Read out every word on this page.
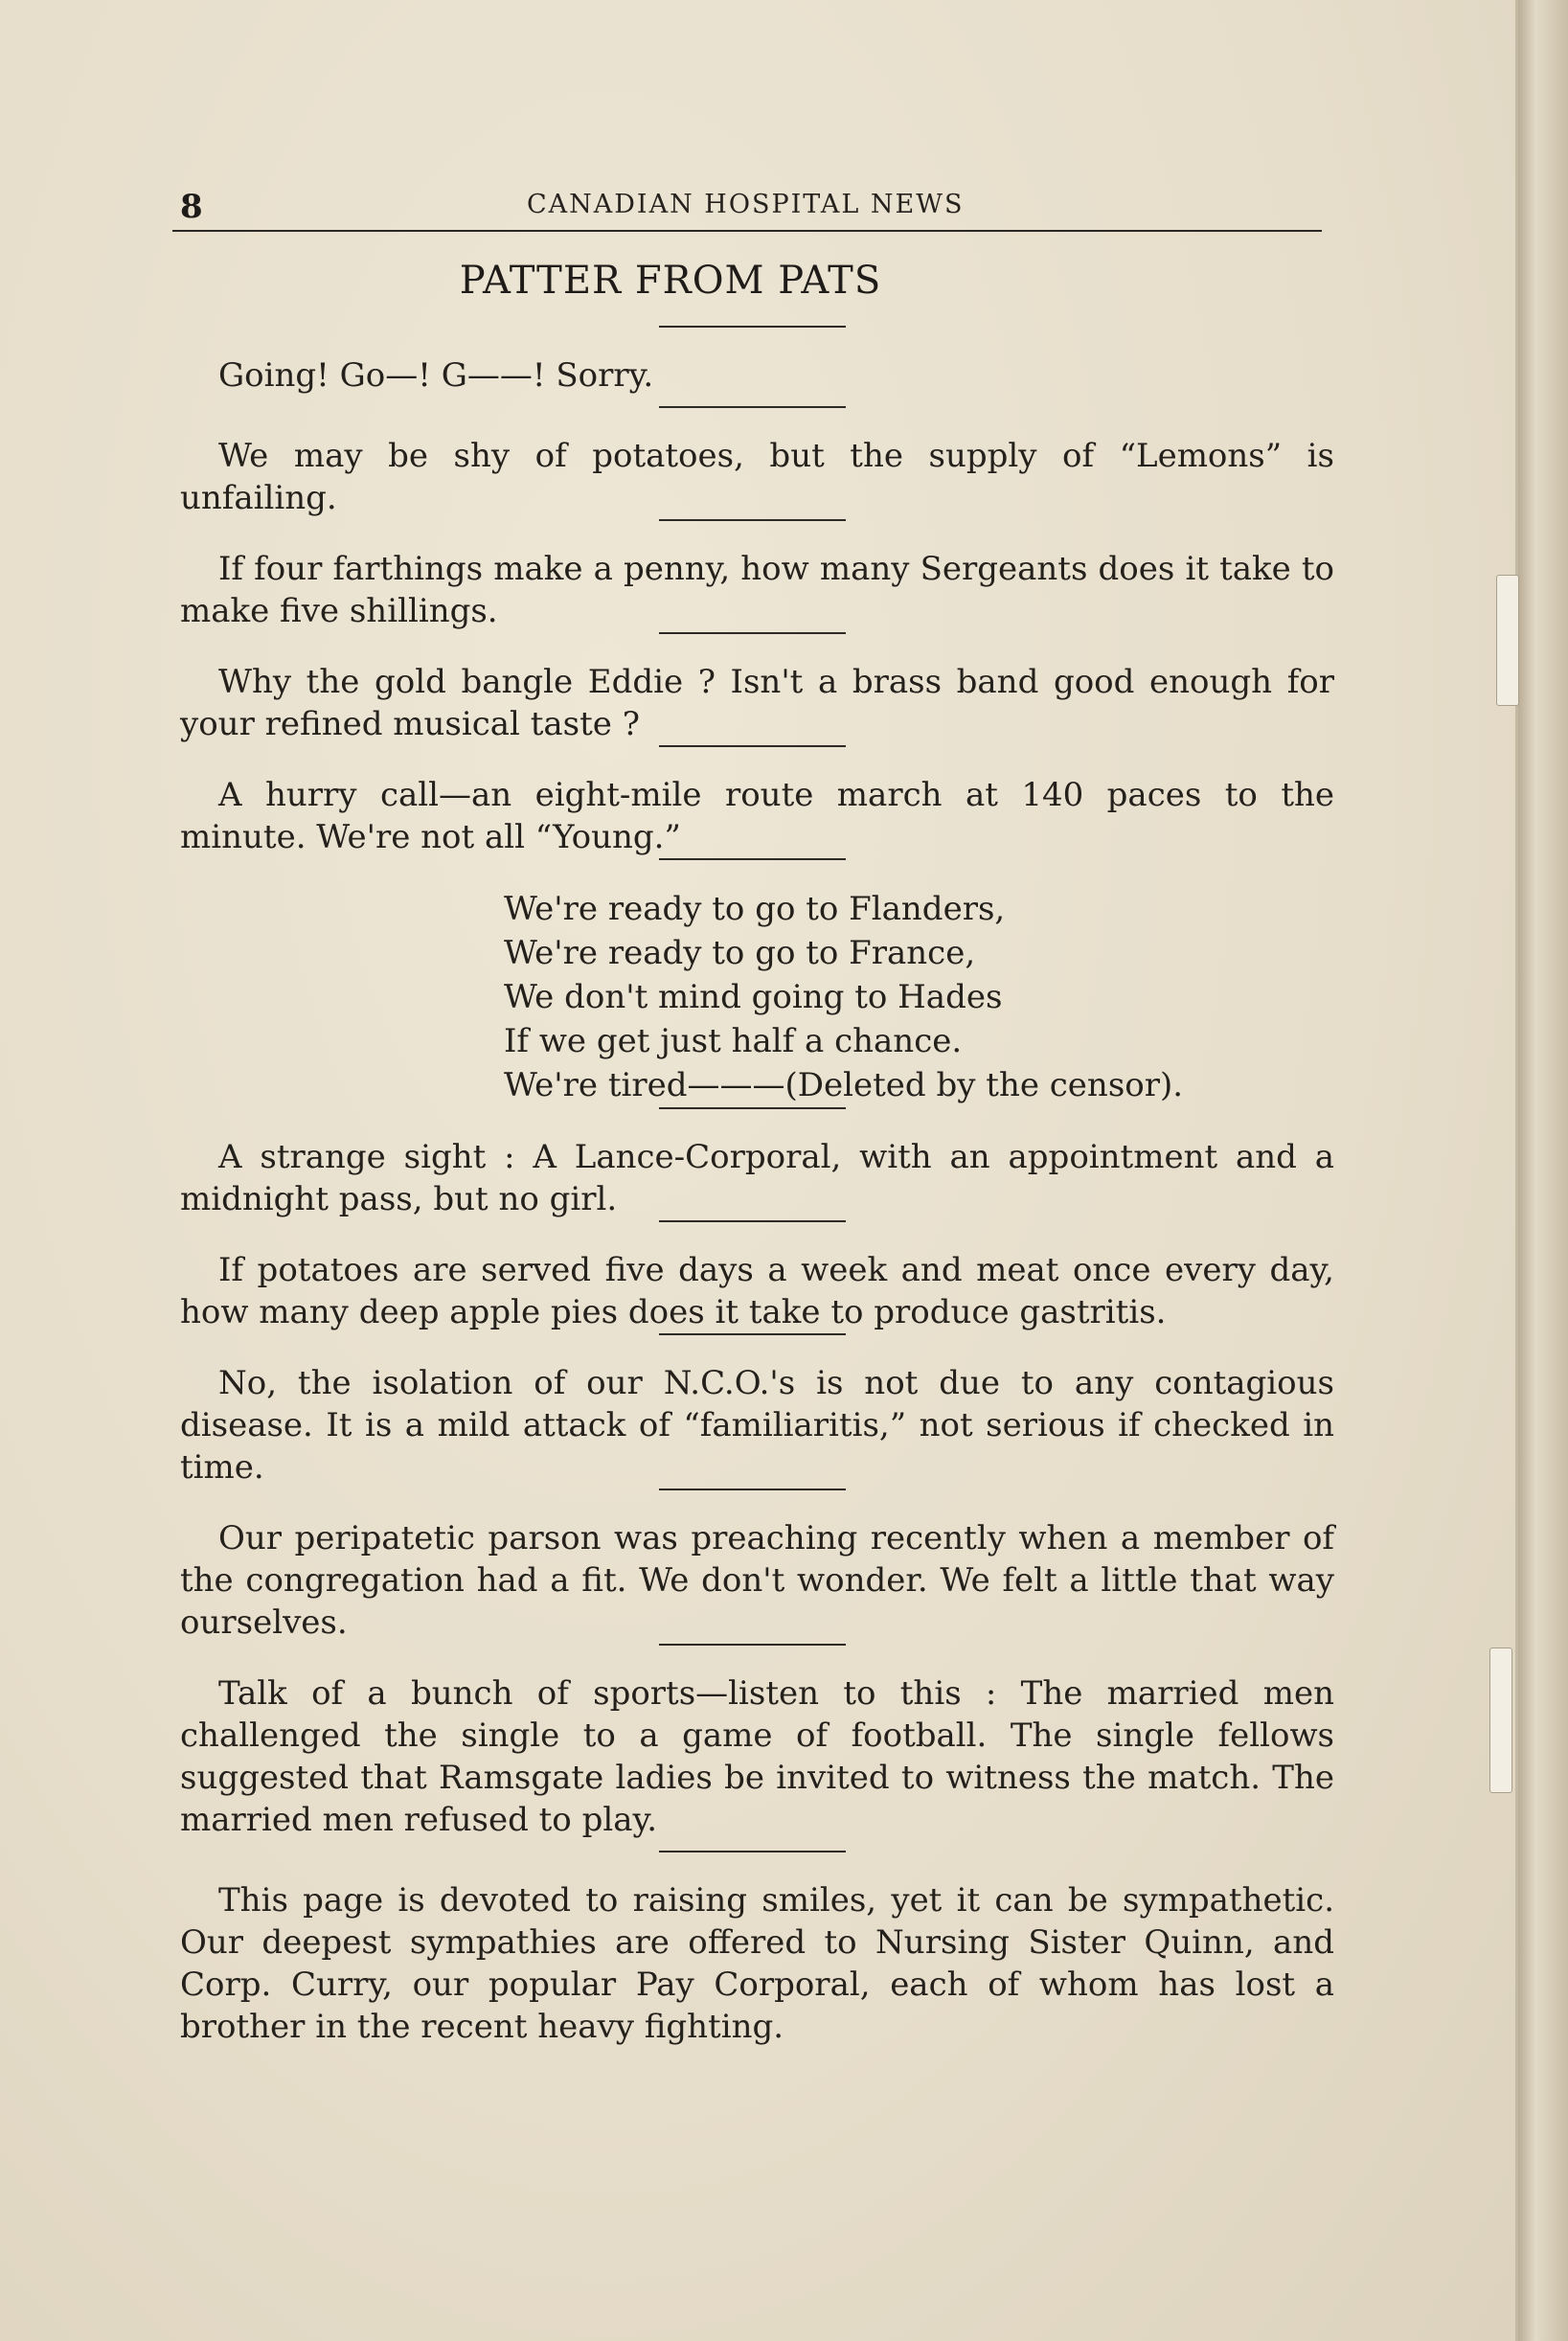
8	CANADIAN HOSPITAL NEWS
PATTER FROM PATS

Going! Go—! G——! Sorry.

We may be shy of potatoes, but the supply of “Lemons” is unfailing.

If four farthings make a penny, how many Sergeants does it take to make five shillings.

Why the gold bangle Eddie ? Isn't a brass band good enough for your refined musical taste ?

A hurry call—an eight-mile route march at 140 paces to the minute. We're not all “Young.”

We're ready to go to Flanders,
We're ready to go to France,
We don't mind going to Hades
If we get just half a chance.
We're tired———(Deleted by the censor).

A strange sight : A Lance-Corporal, with an appointment and a midnight pass, but no girl.

If potatoes are served five days a week and meat once every day, how many deep apple pies does it take to produce gastritis.

No, the isolation of our N.C.O.'s is not due to any contagious disease. It is a mild attack of “familiaritis,” not serious if checked in time.

Our peripatetic parson was preaching recently when a member of the congregation had a fit. We don't wonder. We felt a little that way ourselves.

Talk of a bunch of sports—listen to this : The married men challenged the single to a game of football. The single fellows suggested that Ramsgate ladies be invited to witness the match. The married men refused to play.

This page is devoted to raising smiles, yet it can be sympathetic. Our deepest sympathies are offered to Nursing Sister Quinn, and Corp. Curry, our popular Pay Corporal, each of whom has lost a brother in the recent heavy fighting.
